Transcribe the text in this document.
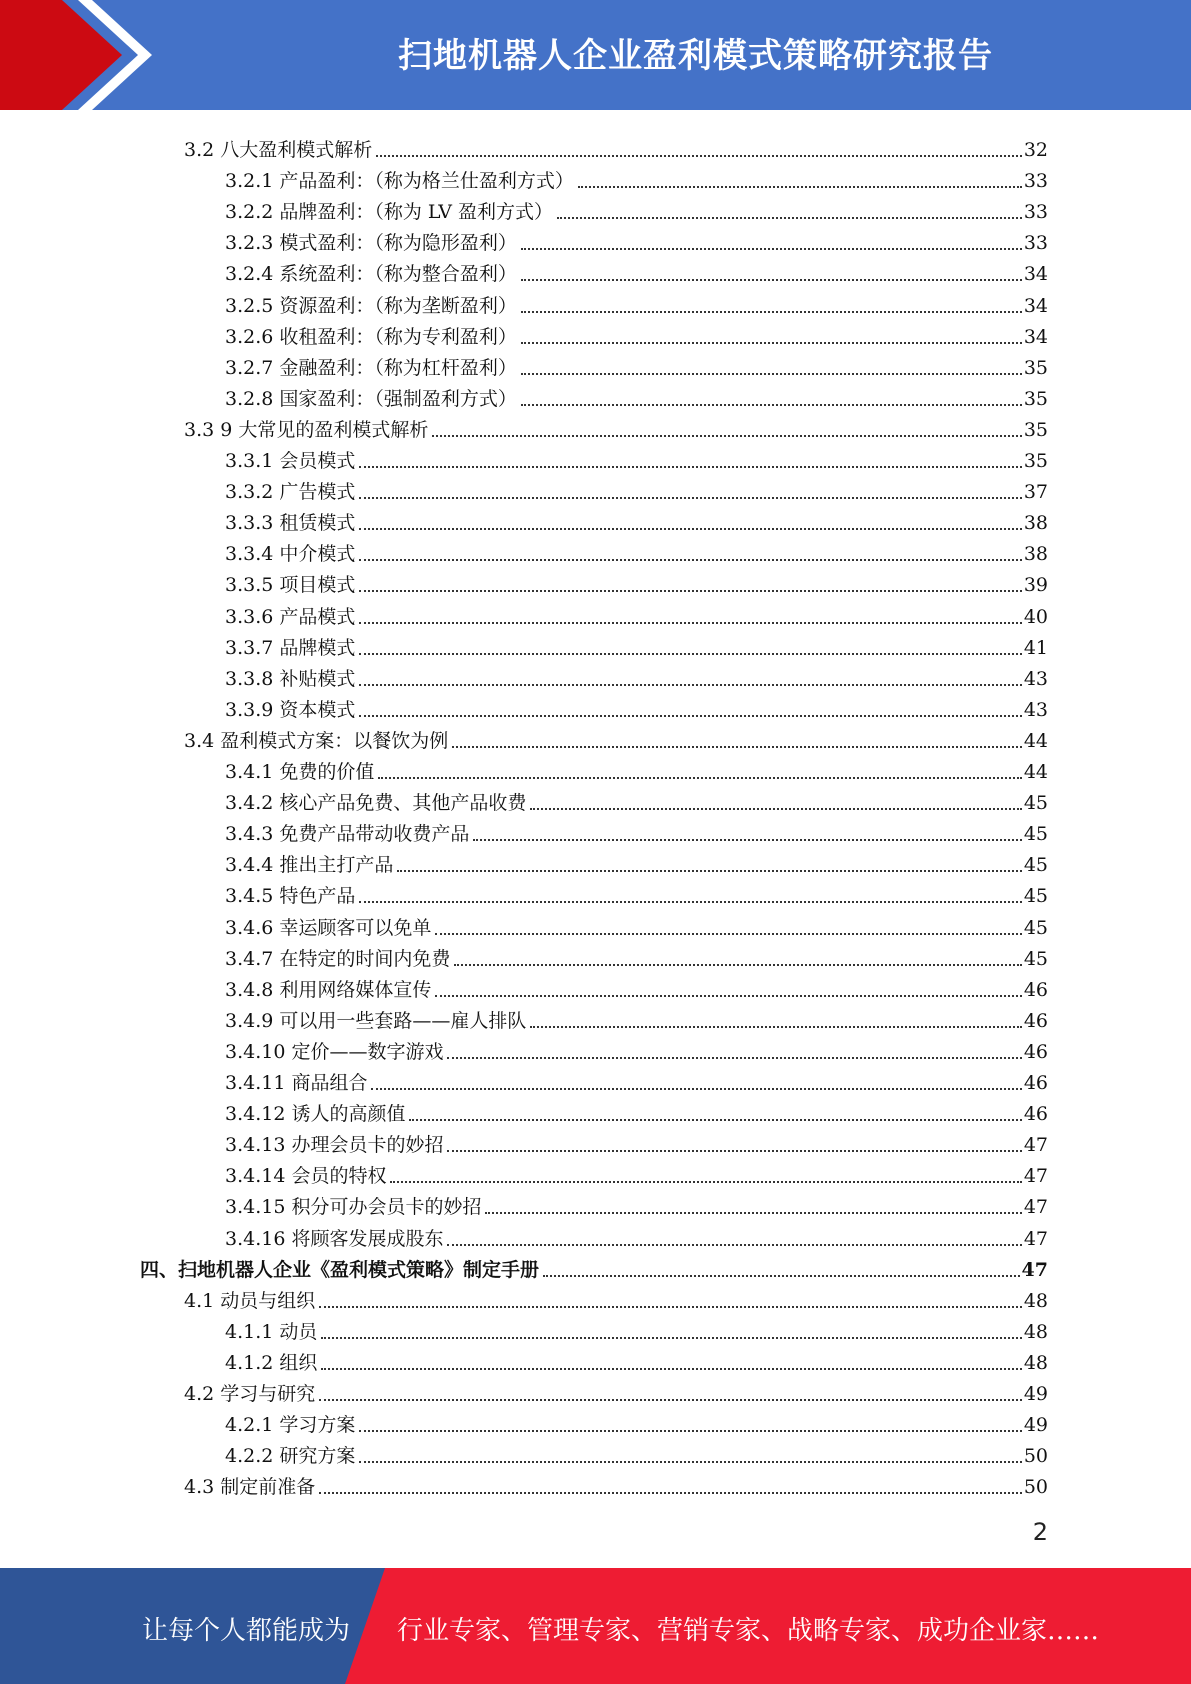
扫地机器人企业盈利模式策略研究报告
3.2 八大盈利模式解析	32
3.2.1 产品盈利：（称为格兰仕盈利方式）	33
3.2.2 品牌盈利：（称为 LV 盈利方式）	33
3.2.3 模式盈利：（称为隐形盈利）	33
3.2.4 系统盈利：（称为整合盈利）	34
3.2.5 资源盈利：（称为垄断盈利）	34
3.2.6 收租盈利：（称为专利盈利）	34
3.2.7 金融盈利：（称为杠杆盈利）	35
3.2.8 国家盈利：（强制盈利方式）	35
3.3 9 大常见的盈利模式解析	35
3.3.1 会员模式	35
3.3.2 广告模式	37
3.3.3 租赁模式	38
3.3.4 中介模式	38
3.3.5 项目模式	39
3.3.6 产品模式	40
3.3.7 品牌模式	41
3.3.8 补贴模式	43
3.3.9 资本模式	43
3.4 盈利模式方案：以餐饮为例	44
3.4.1 免费的价值	44
3.4.2 核心产品免费、其他产品收费	45
3.4.3 免费产品带动收费产品	45
3.4.4 推出主打产品	45
3.4.5 特色产品	45
3.4.6 幸运顾客可以免单	45
3.4.7 在特定的时间内免费	45
3.4.8 利用网络媒体宣传	46
3.4.9 可以用一些套路——雇人排队	46
3.4.10 定价——数字游戏	46
3.4.11 商品组合	46
3.4.12 诱人的高颜值	46
3.4.13 办理会员卡的妙招	47
3.4.14 会员的特权	47
3.4.15 积分可办会员卡的妙招	47
3.4.16 将顾客发展成股东	47
四、扫地机器人企业《盈利模式策略》制定手册	47
4.1 动员与组织	48
4.1.1 动员	48
4.1.2 组织	48
4.2 学习与研究	49
4.2.1 学习方案	49
4.2.2 研究方案	50
4.3 制定前准备	50
2
让每个人都能成为 行业专家、管理专家、营销专家、战略专家、成功企业家……
